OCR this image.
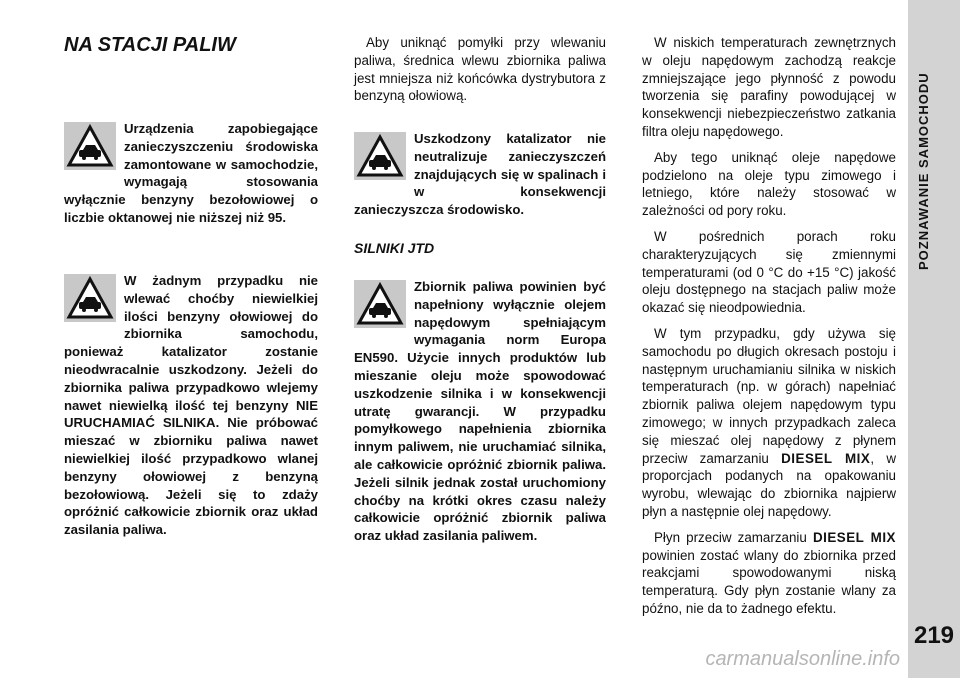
POZNAWANIE SAMOCHODU
219
carmanualsonline.info
NA STACJI PALIW

Urządzenia zapobiegające zanieczyszczeniu środowiska zamontowane w samochodzie, wymagają stosowania wyłącznie benzyny bezołowiowej o liczbie oktanowej nie niższej niż 95.

W żadnym przypadku nie wlewać choćby niewielkiej ilości benzyny ołowiowej do zbiornika samochodu, ponieważ katalizator zostanie nieodwracalnie uszkodzony. Jeżeli do zbiornika paliwa przypadkowo wlejemy nawet niewielką ilość tej benzyny NIE URUCHAMIAĆ SILNIKA. Nie próbować mieszać w zbiorniku paliwa nawet niewielkiej ilość przypadkowo wlanej benzyny ołowiowej z benzyną bezołowiową. Jeżeli się to zdaży opróżnić całkowicie zbiornik oraz układ zasilania paliwa.

Aby uniknąć pomyłki przy wlewaniu paliwa, średnica wlewu zbiornika paliwa jest mniejsza niż końcówka dystrybutora z benzyną ołowiową.

Uszkodzony katalizator nie neutralizuje zanieczyszczeń znajdujących się w spalinach i w konsekwencji zanieczyszcza środowisko.

SILNIKI JTD

Zbiornik paliwa powinien być napełniony wyłącznie olejem napędowym spełniającym wymagania norm Europa EN590. Użycie innych produktów lub mieszanie oleju może spowodować uszkodzenie silnika i w konsekwencji utratę gwarancji. W przypadku pomyłkowego napełnienia zbiornika innym paliwem, nie uruchamiać silnika, ale całkowicie opróżnić zbiornik paliwa. Jeżeli silnik jednak został uruchomiony choćby na krótki okres czasu należy całkowicie opróżnić zbiornik paliwa oraz układ zasilania paliwem.

W niskich temperaturach zewnętrznych w oleju napędowym zachodzą reakcje zmniejszające jego płynność z powodu tworzenia się parafiny powodującej w konsekwencji niebezpieczeństwo zatkania filtra oleju napędowego.

Aby tego uniknąć oleje napędowe podzielono na oleje typu zimowego i letniego, które należy stosować w zależności od pory roku.

W pośrednich porach roku charakteryzujących się zmiennymi temperaturami (od 0 °C do +15 °C) jakość oleju dostępnego na stacjach paliw może okazać się nieodpowiednia.

W tym przypadku, gdy używa się samochodu po długich okresach postoju i następnym uruchamianiu silnika w niskich temperaturach (np. w górach) napełniać zbiornik paliwa olejem napędowym typu zimowego; w innych przypadkach zaleca się mieszać olej napędowy z płynem przeciw zamarzaniu DIESEL MIX, w proporcjach podanych na opakowaniu wyrobu, wlewając do zbiornika najpierw płyn a następnie olej napędowy.

Płyn przeciw zamarzaniu DIESEL MIX powinien zostać wlany do zbiornika przed reakcjami spowodowanymi niską temperaturą. Gdy płyn zostanie wlany za późno, nie da to żadnego efektu.
